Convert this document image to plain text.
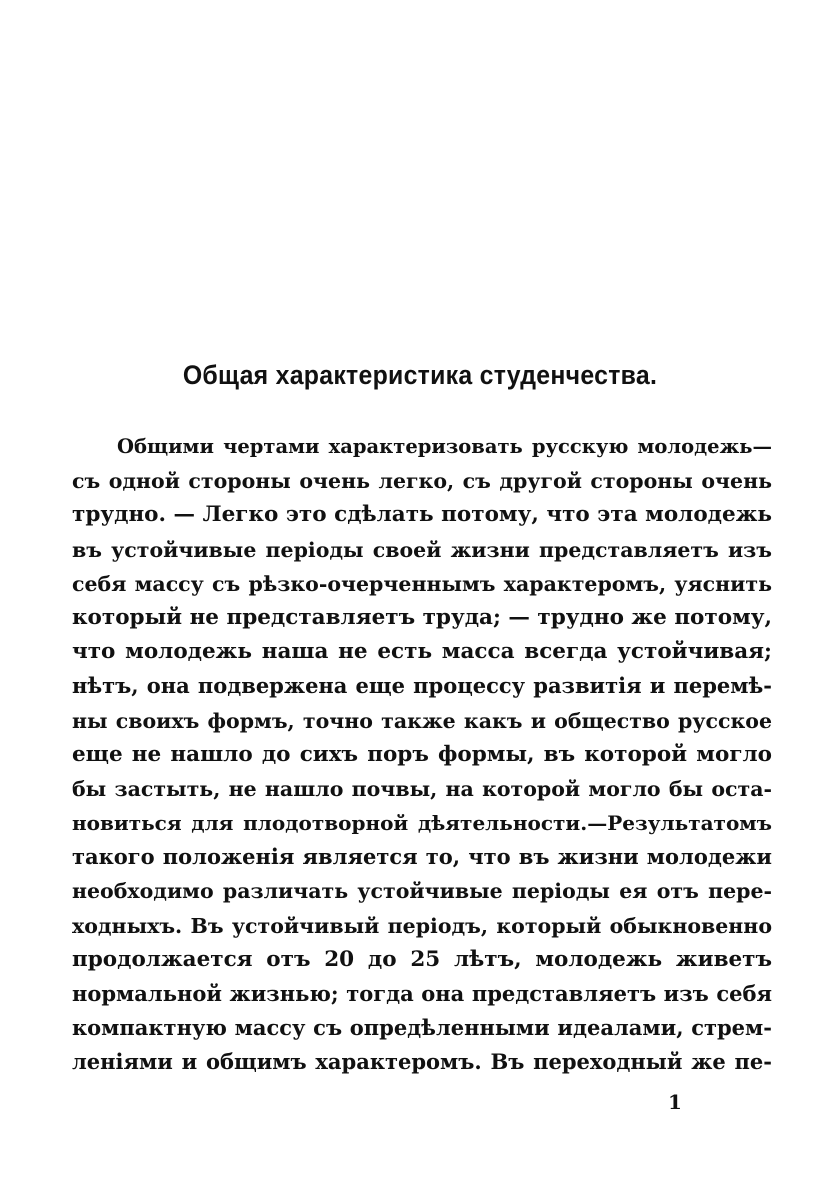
Общая характеристика студенчества.
Общими чертами характеризовать русскую молодежь—
съ одной стороны очень легко, съ другой стороны очень
трудно. — Легко это сдѣлать потому, что эта молодежь
въ устойчивые періоды своей жизни представляетъ изъ
себя массу съ рѣзко-очерченнымъ характеромъ, уяснить
который не представляетъ труда; — трудно же потому,
что молодежь наша не есть масса всегда устойчивая;
нѣтъ, она подвержена еще процессу развитія и перемѣ-
ны своихъ формъ, точно также какъ и общество русское
еще не нашло до сихъ поръ формы, въ которой могло
бы застыть, не нашло почвы, на которой могло бы оста-
новиться для плодотворной дѣятельности.—Результатомъ
такого положенія является то, что въ жизни молодежи
необходимо различать устойчивые періоды ея отъ пере-
ходныхъ. Въ устойчивый періодъ, который обыкновенно
продолжается отъ 20 до 25 лѣтъ, молодежь живетъ
нормальной жизнью; тогда она представляетъ изъ себя
компактную массу съ опредѣленными идеалами, стрем-
леніями и общимъ характеромъ. Въ переходный же пе-
1
